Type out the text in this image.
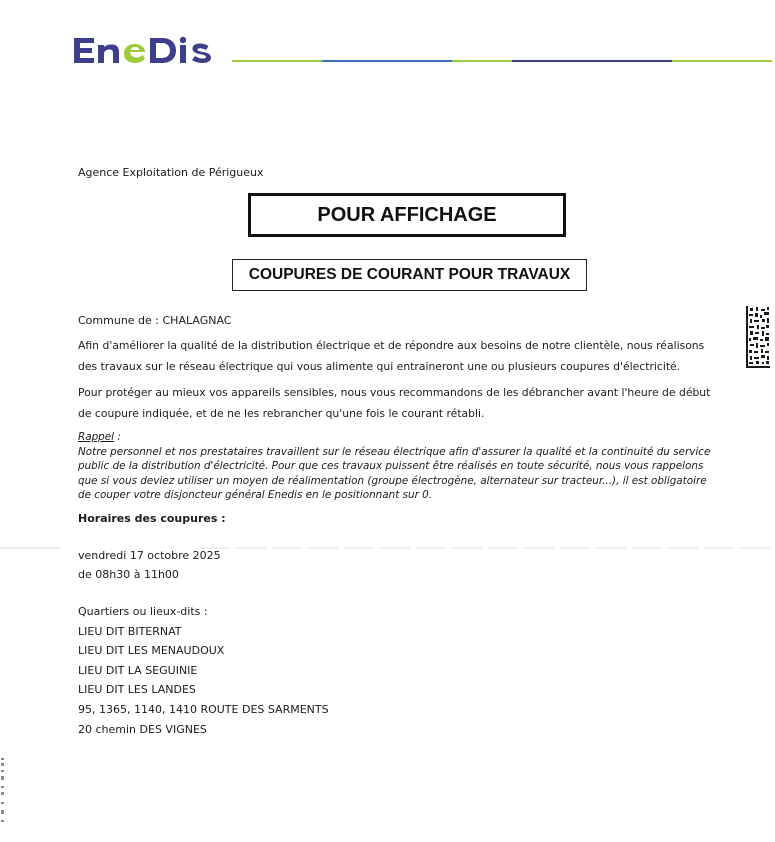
Agence Exploitation de Périgueux
POUR AFFICHAGE
COUPURES DE COURANT POUR TRAVAUX
Commune de : CHALAGNAC
Afin d'améliorer la qualité de la distribution électrique et de répondre aux besoins de notre clientèle, nous réalisons des travaux sur le réseau électrique qui vous alimente qui entraineront une ou plusieurs coupures d'électricité.
Pour protéger au mieux vos appareils sensibles, nous vous recommandons de les débrancher avant l'heure de début de coupure indiquée, et de ne les rebrancher qu'une fois le courant rétabli.
Rappel :
Notre personnel et nos prestataires travaillent sur le réseau électrique afin d'assurer la qualité et la continuité du service public de la distribution d'électricité. Pour que ces travaux puissent être réalisés en toute sécurité, nous vous rappelons que si vous deviez utiliser un moyen de réalimentation (groupe électrogène, alternateur sur tracteur...), il est obligatoire de couper votre disjoncteur général Enedis en le positionnant sur 0.
Horaires des coupures :
vendredi 17 octobre 2025
de 08h30 à 11h00
Quartiers ou lieux-dits :
LIEU DIT BITERNAT
LIEU DIT LES MENAUDOUX
LIEU DIT LA SEGUINIE
LIEU DIT LES LANDES
95, 1365, 1140, 1410 ROUTE DES SARMENTS
20 chemin DES VIGNES
